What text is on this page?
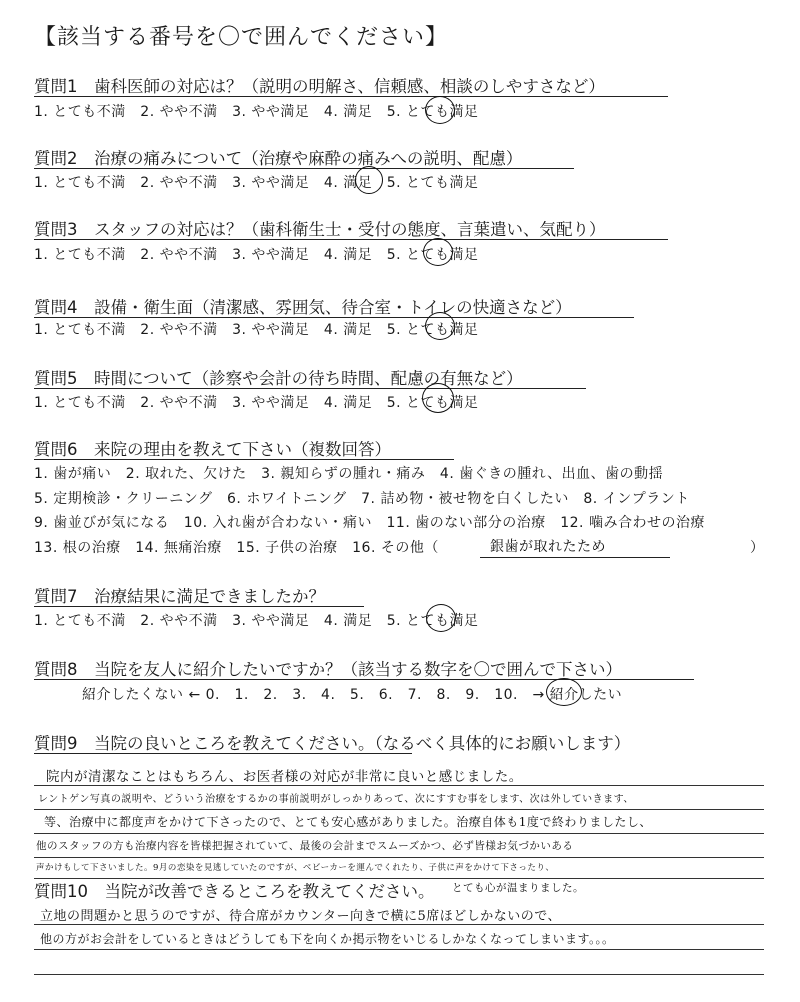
【該当する番号を〇で囲んでください】
質問1　歯科医師の対応は？（説明の明解さ、信頼感、相談のしやすさなど）
1. とても不満　2. やや不満　3. やや満足　4. 満足　5. とても満足
質問2　治療の痛みについて（治療や麻酔の痛みへの説明、配慮）
1. とても不満　2. やや不満　3. やや満足　4. 満足　5. とても満足
質問3　スタッフの対応は？（歯科衛生士・受付の態度、言葉遣い、気配り）
1. とても不満　2. やや不満　3. やや満足　4. 満足　5. とても満足
質問4　設備・衛生面（清潔感、雰囲気、待合室・トイレの快適さなど）
1. とても不満　2. やや不満　3. やや満足　4. 満足　5. とても満足
質問5　時間について（診察や会計の待ち時間、配慮の有無など）
1. とても不満　2. やや不満　3. やや満足　4. 満足　5. とても満足
質問6　来院の理由を教えて下さい（複数回答）
1. 歯が痛い　2. 取れた、欠けた　3. 親知らずの腫れ・痛み　4. 歯ぐきの腫れ、出血、歯の動揺
5. 定期検診・クリーニング　6. ホワイトニング　7. 詰め物・被せ物を白くしたい　8. インプラント
9. 歯並びが気になる　10. 入れ歯が合わない・痛い　11. 歯のない部分の治療　12. 噛み合わせの治療
13. 根の治療　14. 無痛治療　15. 子供の治療　16. その他（	銀歯が取れたため	）
質問7　治療結果に満足できましたか？
1. とても不満　2. やや不満　3. やや満足　4. 満足　5. とても満足
質問8　当院を友人に紹介したいですか？（該当する数字を〇で囲んで下さい）
紹介したくない ← 0.　1.　2.　3.　4.　5.　6.　7.　8.　9.　10.　→ 紹介したい
質問9　当院の良いところを教えてください。（なるべく具体的にお願いします）
院内が清潔なことはもちろん、お医者様の対応が非常に良いと感じました。
レントゲン写真の説明や、どういう治療をするかの事前説明がしっかりあって、次にすすむ事をします、次は外していきます、
等、治療中に都度声をかけて下さったので、とても安心感がありました。治療自体も1度で終わりましたし、
他のスタッフの方も治療内容を皆様把握されていて、最後の会計までスムーズかつ、必ず皆様お気づかいある
声かけもして下さいました。9月の恋染を見逃していたのですが、ベビーカーを運んでくれたり、子供に声をかけて下さったり、
質問10　当院が改善できるところを教えてください。 とても心が温まりました。
立地の問題かと思うのですが、待合席がカウンター向きで横に5席ほどしかないので、
他の方がお会計をしているときはどうしても下を向くか掲示物をいじるしかなくなってしまいます。。。
